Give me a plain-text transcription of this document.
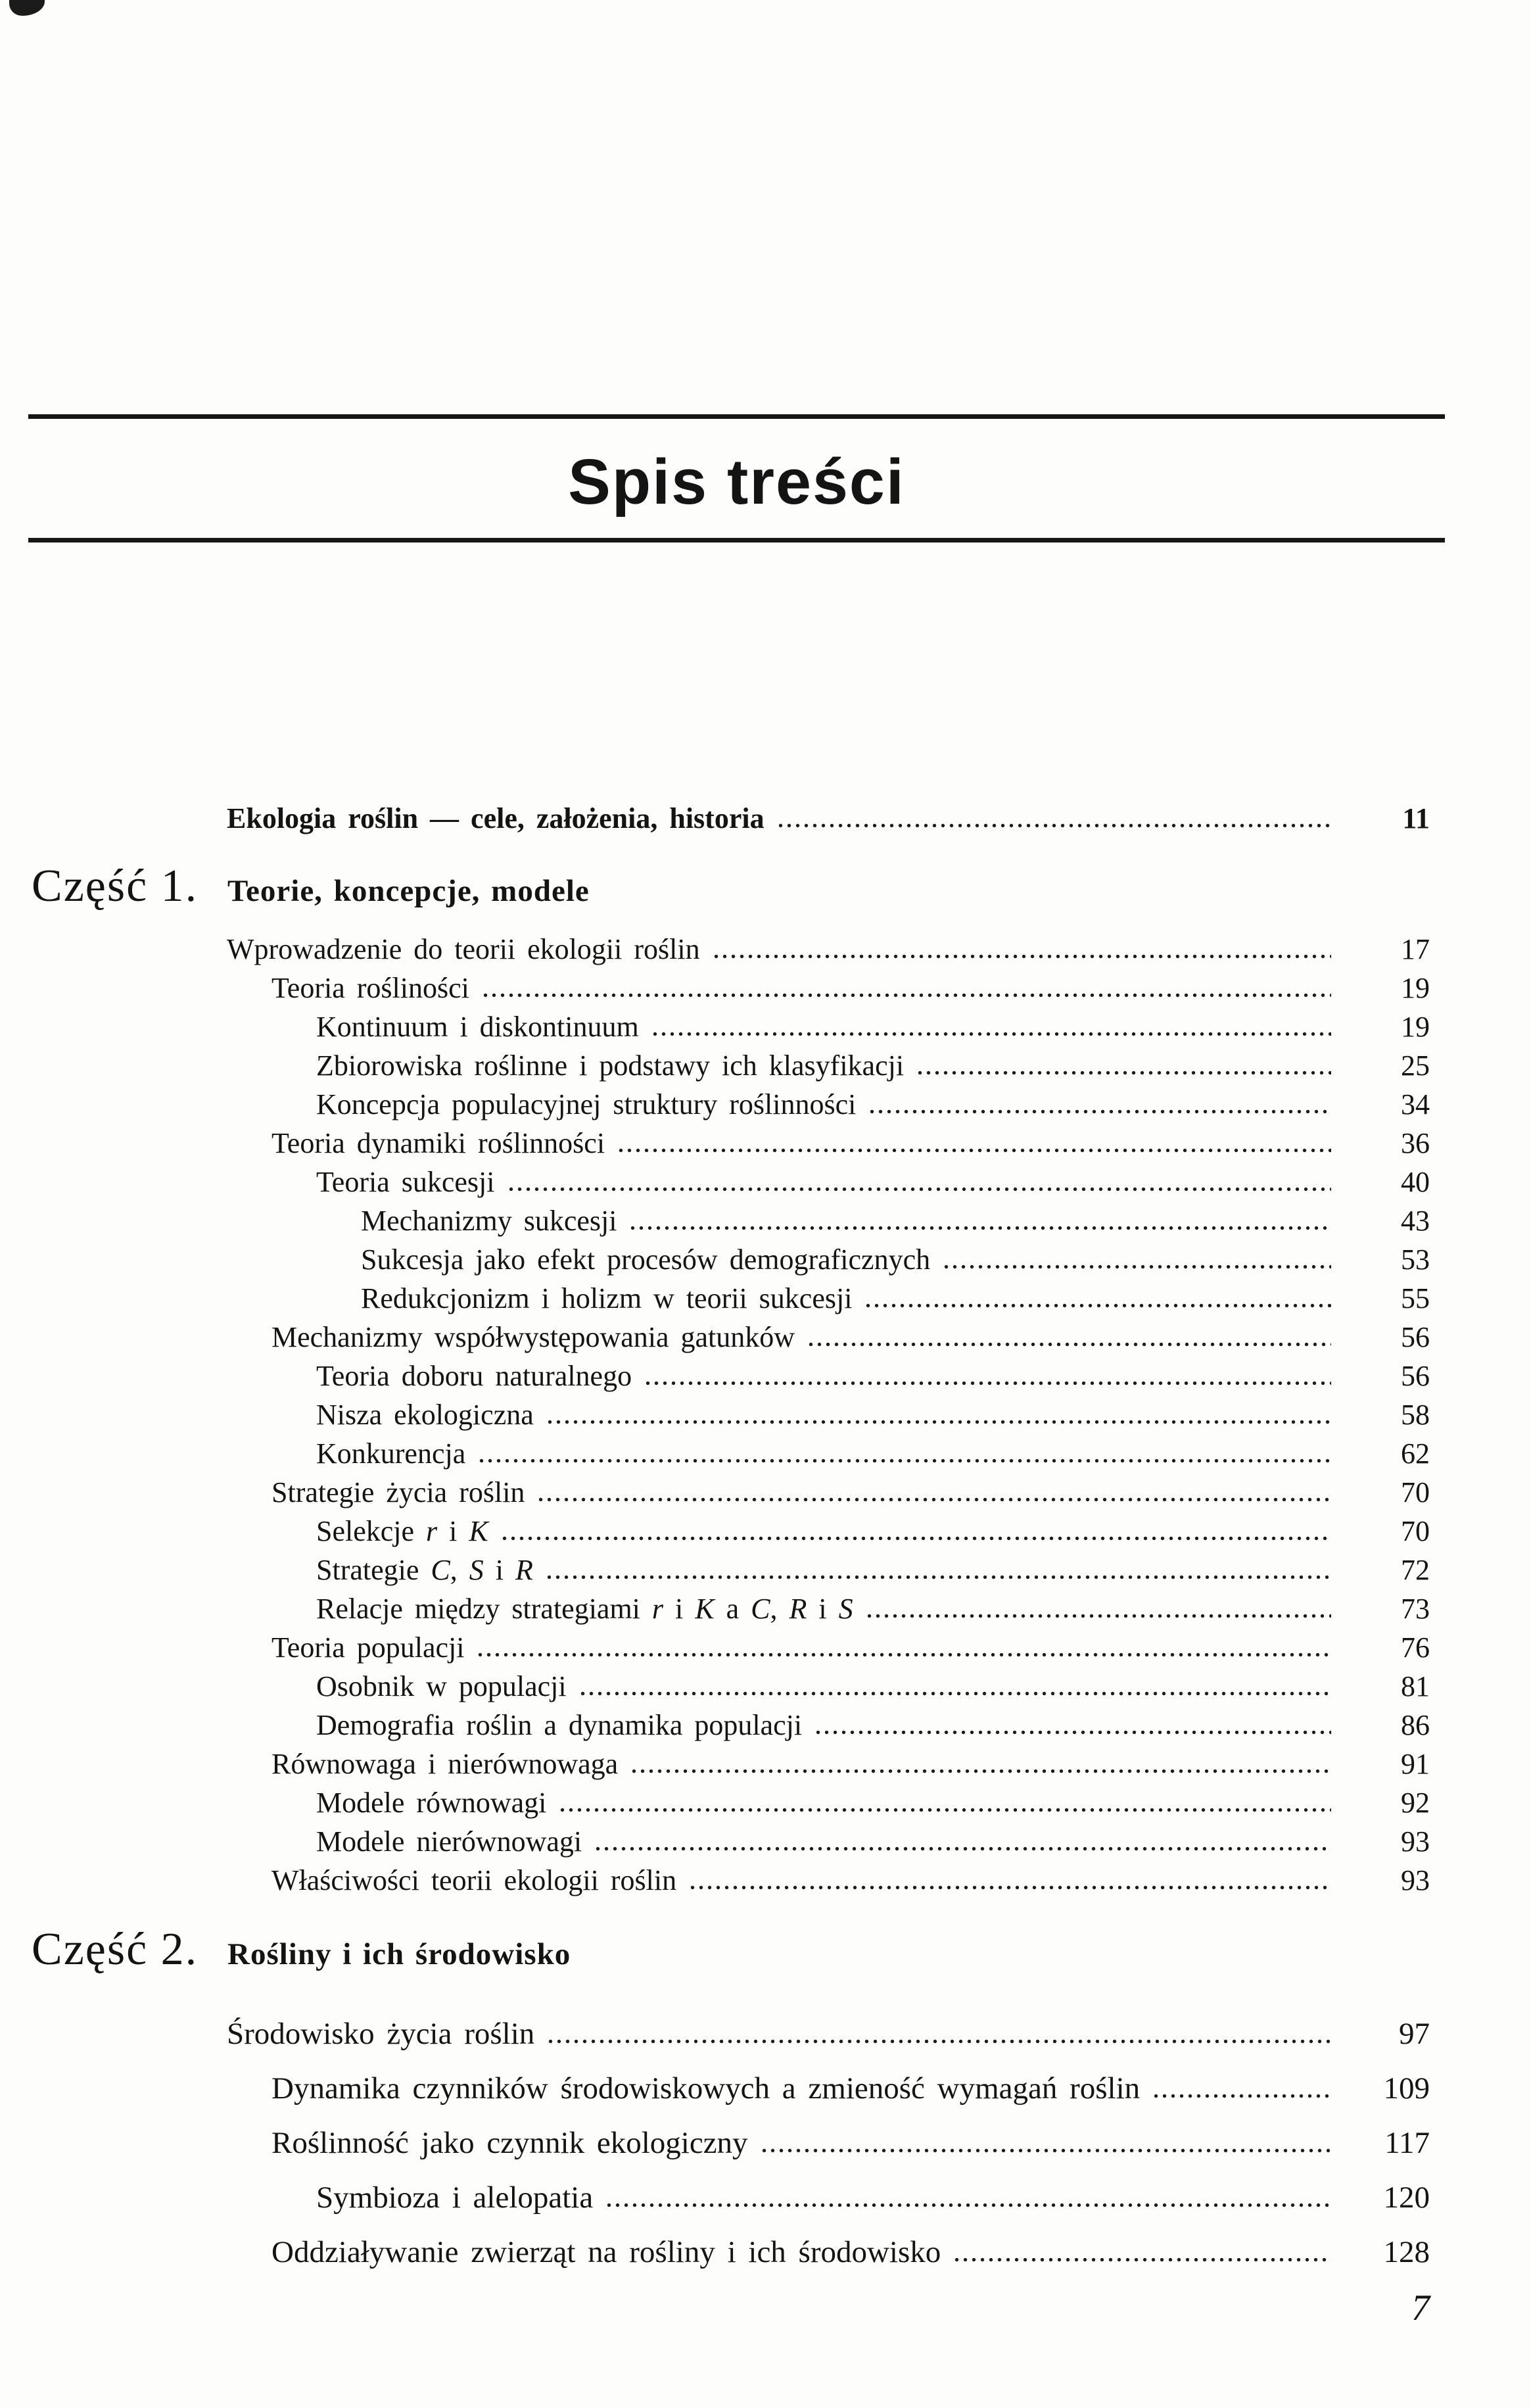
Spis treści
Ekologia roślin — cele, założenia, historia	11
Część 1. Teorie, koncepcje, modele
Wprowadzenie do teorii ekologii roślin	17
Teoria rośliności	19
Kontinuum i diskontinuum	19
Zbiorowiska roślinne i podstawy ich klasyfikacji	25
Koncepcja populacyjnej struktury roślinności	34
Teoria dynamiki roślinności	36
Teoria sukcesji	40
Mechanizmy sukcesji	43
Sukcesja jako efekt procesów demograficznych	53
Redukcjonizm i holizm w teorii sukcesji	55
Mechanizmy współwystępowania gatunków	56
Teoria doboru naturalnego	56
Nisza ekologiczna	58
Konkurencja	62
Strategie życia roślin	70
Selekcje r i K	70
Strategie C, S i R	72
Relacje między strategiami r i K a C, R i S	73
Teoria populacji	76
Osobnik w populacji	81
Demografia roślin a dynamika populacji	86
Równowaga i nierównowaga	91
Modele równowagi	92
Modele nierównowagi	93
Właściwości teorii ekologii roślin	93
Część 2. Rośliny i ich środowisko
Środowisko życia roślin	97
Dynamika czynników środowiskowych a zmieność wymagań roślin	109
Roślinność jako czynnik ekologiczny	117
Symbioza i alelopatia	120
Oddziaływanie zwierząt na rośliny i ich środowisko	128
7
